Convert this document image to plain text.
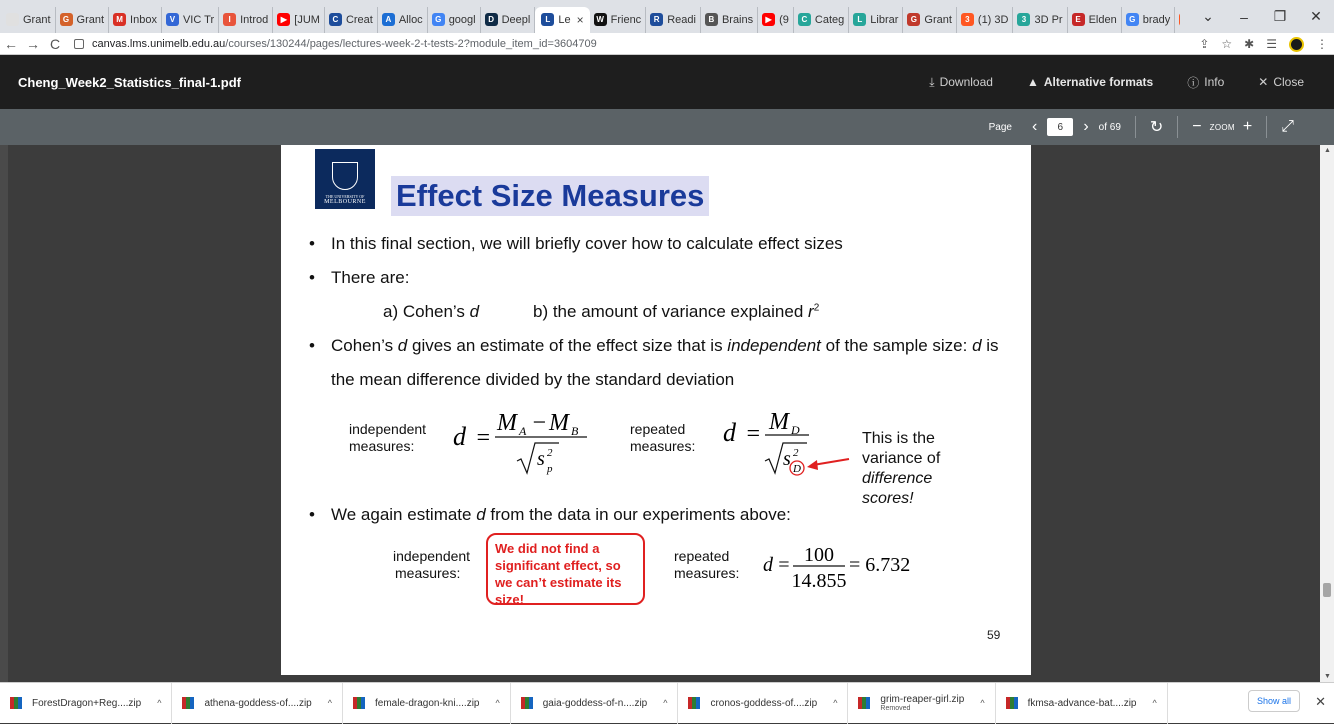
Grant	G Grant	M Inbox	V VIC Tr	I Introd	▶ [JUM	C Creat	A Alloc	G googl	D Deepl	L Le ×	W Frienc	R Readi	B Brains	▶ (9	C Categ	L Librar	G Grant	3 (1) 3D	3 3D Pr	E Elden	G brady	⌄	–	❐	✕
← → C	canvas.lms.unimelb.edu.au /courses/130244/pages/lectures-week-2-t-tests-2?module_item_id=3604709	⇪ ☆ ✱ ☰	⋮
Cheng_Week2_Statistics_final-1.pdf	⤓ Download	▲ Alternative formats	ⓘ Info	✕ Close
Page ‹
6	› of 69 ↻ − ZOOM + ⤢
▲
▼
THE UNIVERSITY OF
MELBOURNE Effect Size Measures
In this final section, we will briefly cover how to calculate effect sizes
There are:
a) Cohen’s d	b) the amount of variance explained $r^2$
Cohen’s d gives an estimate of the effect size that is independent of the sample size: d is
the mean difference divided by the standard deviation
independent
measures:	d =
M A − M B
s 2
p
repeated
measures: d = M D
s 2
D
This is the
variance of
difference
scores!
We again estimate d from the data in our experiments above:
independent
measures:
We did not find a significant effect, so we can’t estimate its size!
repeated
measures: d = 100
14.855
= 6.732
59
ForestDragon+Reg....zip ^	athena-goddess-of....zip ^	female-dragon-kni....zip ^	gaia-goddess-of-n....zip ^	cronos-goddess-of....zip ^	grim-reaper-girl.zip
Removed
^	fkmsa-advance-bat....zip ^	Show all	✕
